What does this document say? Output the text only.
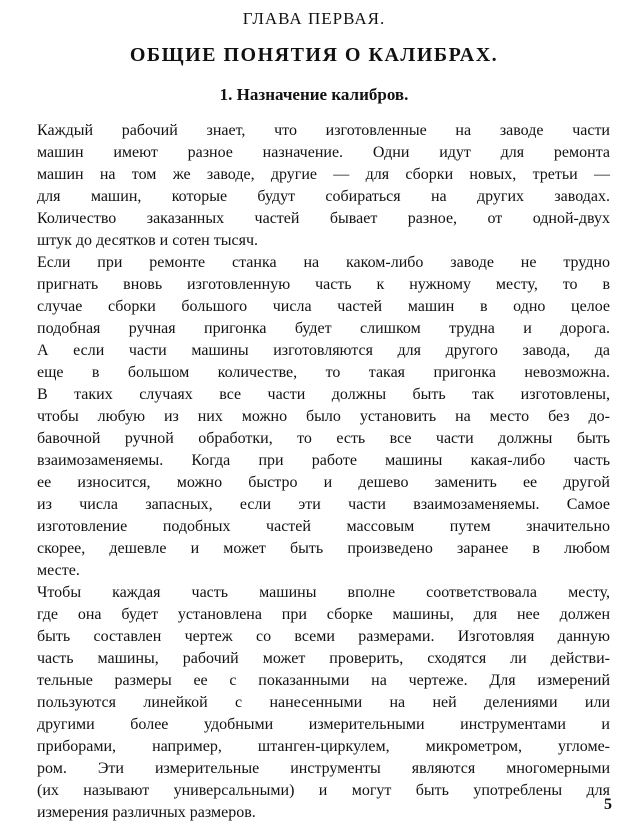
ГЛАВА ПЕРВАЯ.
ОБЩИЕ ПОНЯТИЯ О КАЛИБРАХ.
1. Назначение калибров.
Каждый рабочий знает, что изготовленные на заводе части
машин имеют разное назначение. Одни идут для ремонта
машин на том же заводе, другие — для сборки новых, третьи —
для машин, которые будут собираться на других заводах.
Количество заказанных частей бывает разное, от одной-двух
штук до десятков и сотен тысяч.
Если при ремонте станка на каком-либо заводе не трудно
пригнать вновь изготовленную часть к нужному месту, то в
случае сборки большого числа частей машин в одно целое
подобная ручная пригонка будет слишком трудна и дорога.
А если части машины изготовляются для другого завода, да
еще в большом количестве, то такая пригонка невозможна.
В таких случаях все части должны быть так изготовлены,
чтобы любую из них можно было установить на место без до-
бавочной ручной обработки, то есть все части должны быть
взаимозаменяемы. Когда при работе машины какая-либо часть
ее износится, можно быстро и дешево заменить ее другой
из числа запасных, если эти части взаимозаменяемы. Самое
изготовление подобных частей массовым путем значительно
скорее, дешевле и может быть произведено заранее в любом
месте.
Чтобы каждая часть машины вполне соответствовала месту,
где она будет установлена при сборке машины, для нее должен
быть составлен чертеж со всеми размерами. Изготовляя данную
часть машины, рабочий может проверить, сходятся ли действи-
тельные размеры ее с показанными на чертеже. Для измерений
пользуются линейкой с нанесенными на ней делениями или
другими более удобными измерительными инструментами и
приборами, например, штанген-циркулем, микрометром, угломе-
ром. Эти измерительные инструменты являются многомерными
(их называют универсальными) и могут быть употреблены для
измерения различных размеров.	5
